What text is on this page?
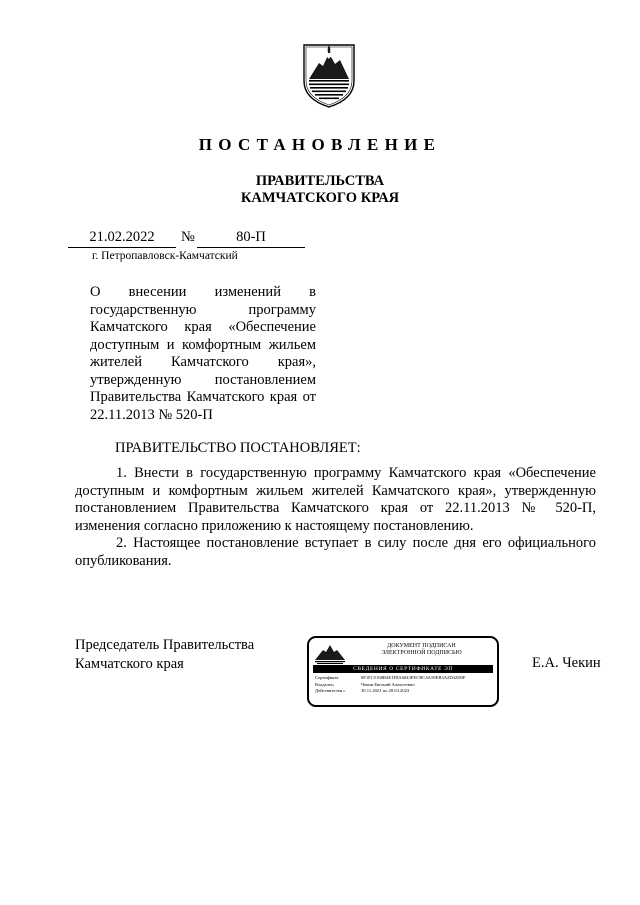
ПОСТАНОВЛЕНИЕ
ПРАВИТЕЛЬСТВА
КАМЧАТСКОГО КРАЯ
21.02.2022	№	80-П
г. Петропавловск-Камчатский
О внесении изменений в государственную программу Камчатского края «Обеспечение доступным и комфортным жильем жителей Камчатского края», утвержденную постановлением Правительства Камчатского края от 22.11.2013 № 520-П
ПРАВИТЕЛЬСТВО ПОСТАНОВЛЯЕТ:

1. Внести в государственную программу Камчатского края «Обеспечение доступным и комфортным жильем жителей Камчатского края», утвержденную постановлением Правительства Камчатского края от 22.11.2013 № 520-П, изменения согласно приложению к настоящему постановлению.

2. Настоящее постановление вступает в силу после дня его официального опубликования.

Председатель Правительства
Камчатского края
ДОКУМЕНТ ПОДПИСАН
ЭЛЕКТРОННОЙ ПОДПИСЬЮ
СВЕДЕНИЯ О СЕРТИФИКАТЕ ЭП
Сертификат	0F1FC5168B4E1F8A6043FECBC4A59EB3A2D42D0F
Владелец	Чекин Евгений Алексеевич
Действителен с	30.11.2021 по 28.03.2023
Е.А. Чекин
